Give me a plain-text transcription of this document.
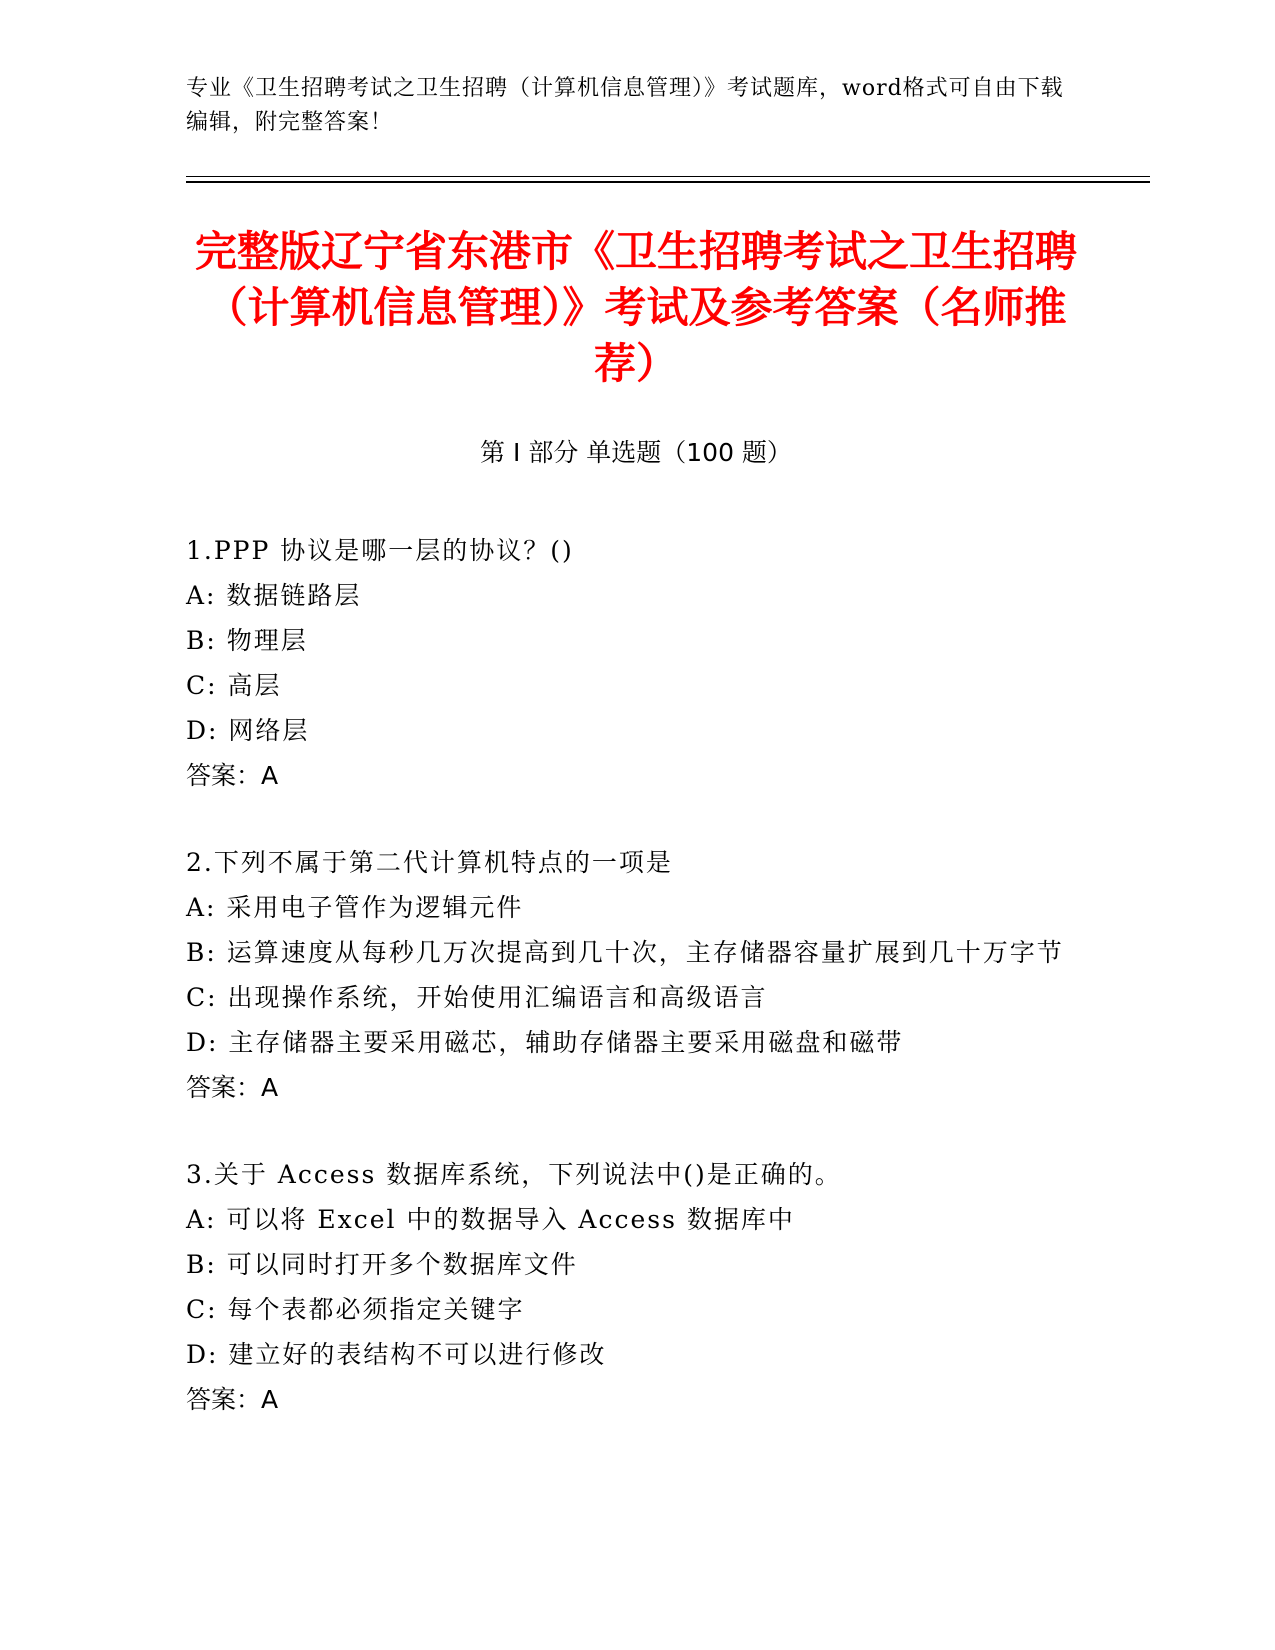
专业《卫生招聘考试之卫生招聘（计算机信息管理）》考试题库，word格式可自由下载编辑，附完整答案！
完整版辽宁省东港市《卫生招聘考试之卫生招聘（计算机信息管理）》考试及参考答案（名师推荐）
第 I 部分 单选题（100 题）
1.PPP 协议是哪一层的协议？()
A: 数据链路层
B: 物理层
C: 高层
D: 网络层
答案：A
2.下列不属于第二代计算机特点的一项是
A: 采用电子管作为逻辑元件
B: 运算速度从每秒几万次提高到几十次，主存储器容量扩展到几十万字节
C: 出现操作系统，开始使用汇编语言和高级语言
D: 主存储器主要采用磁芯，辅助存储器主要采用磁盘和磁带
答案：A
3.关于 Access 数据库系统，下列说法中()是正确的。
A: 可以将 Excel 中的数据导入 Access 数据库中
B: 可以同时打开多个数据库文件
C: 每个表都必须指定关键字
D: 建立好的表结构不可以进行修改
答案：A
